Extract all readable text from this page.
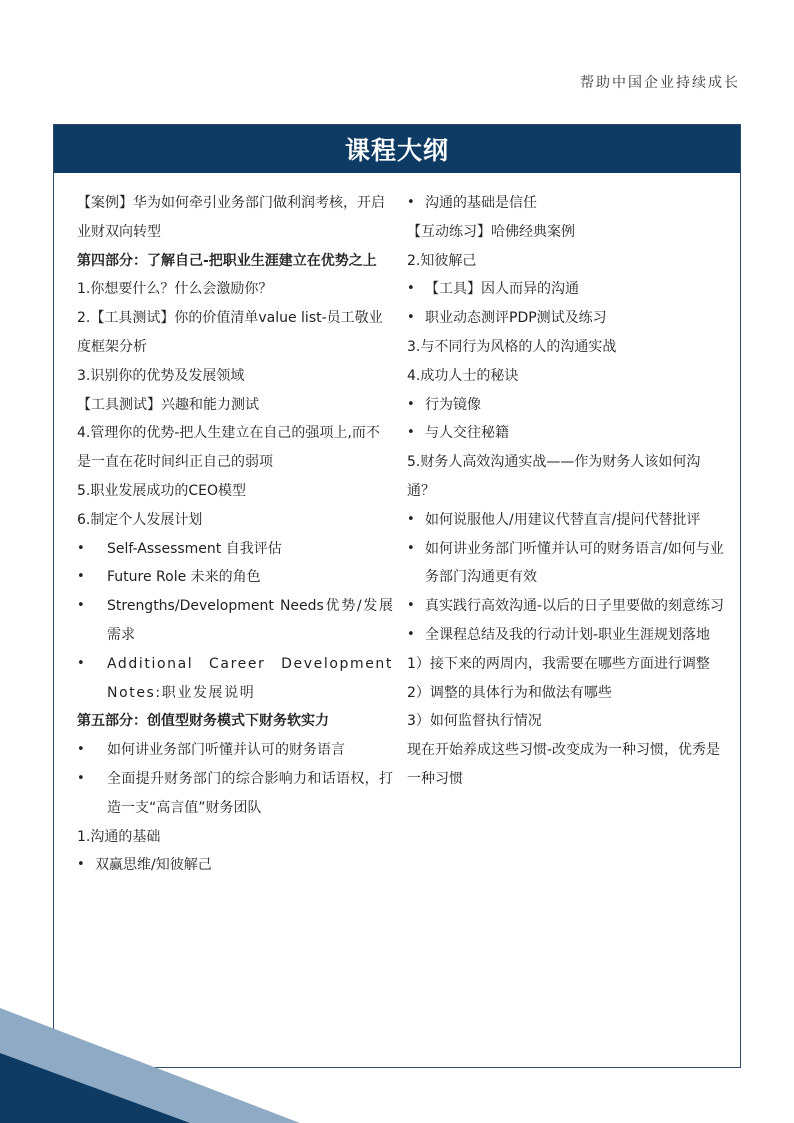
帮助中国企业持续成长
课程大纲
【案例】华为如何牵引业务部门做利润考核，开启业财双向转型
第四部分：了解自己-把职业生涯建立在优势之上
1.你想要什么？什么会激励你？
2.【工具测试】你的价值清单value list-员工敬业度框架分析
3.识别你的优势及发展领域
【工具测试】兴趣和能力测试
4.管理你的优势-把人生建立在自己的强项上,而不是一直在花时间纠正自己的弱项
5.职业发展成功的CEO模型
6.制定个人发展计划
• Self-Assessment 自我评估
• Future Role 未来的角色
• Strengths/Development Needs优势/发展需求
• Additional Career Development Notes:职业发展说明
第五部分：创值型财务模式下财务软实力
• 如何讲业务部门听懂并认可的财务语言
• 全面提升财务部门的综合影响力和话语权，打造一支“高言值”财务团队
1.沟通的基础
• 双赢思维/知彼解己
• 沟通的基础是信任
【互动练习】哈佛经典案例
2.知彼解己
• 【工具】因人而异的沟通
• 职业动态测评PDP测试及练习
3.与不同行为风格的人的沟通实战
4.成功人士的秘诀
• 行为镜像
• 与人交往秘籍
5.财务人高效沟通实战——作为财务人该如何沟通？
• 如何说服他人/用建议代替直言/提问代替批评
• 如何讲业务部门听懂并认可的财务语言/如何与业务部门沟通更有效
• 真实践行高效沟通-以后的日子里要做的刻意练习
• 全课程总结及我的行动计划-职业生涯规划落地
1）接下来的两周内，我需要在哪些方面进行调整
2）调整的具体行为和做法有哪些
3）如何监督执行情况
现在开始养成这些习惯-改变成为一种习惯，优秀是一种习惯
